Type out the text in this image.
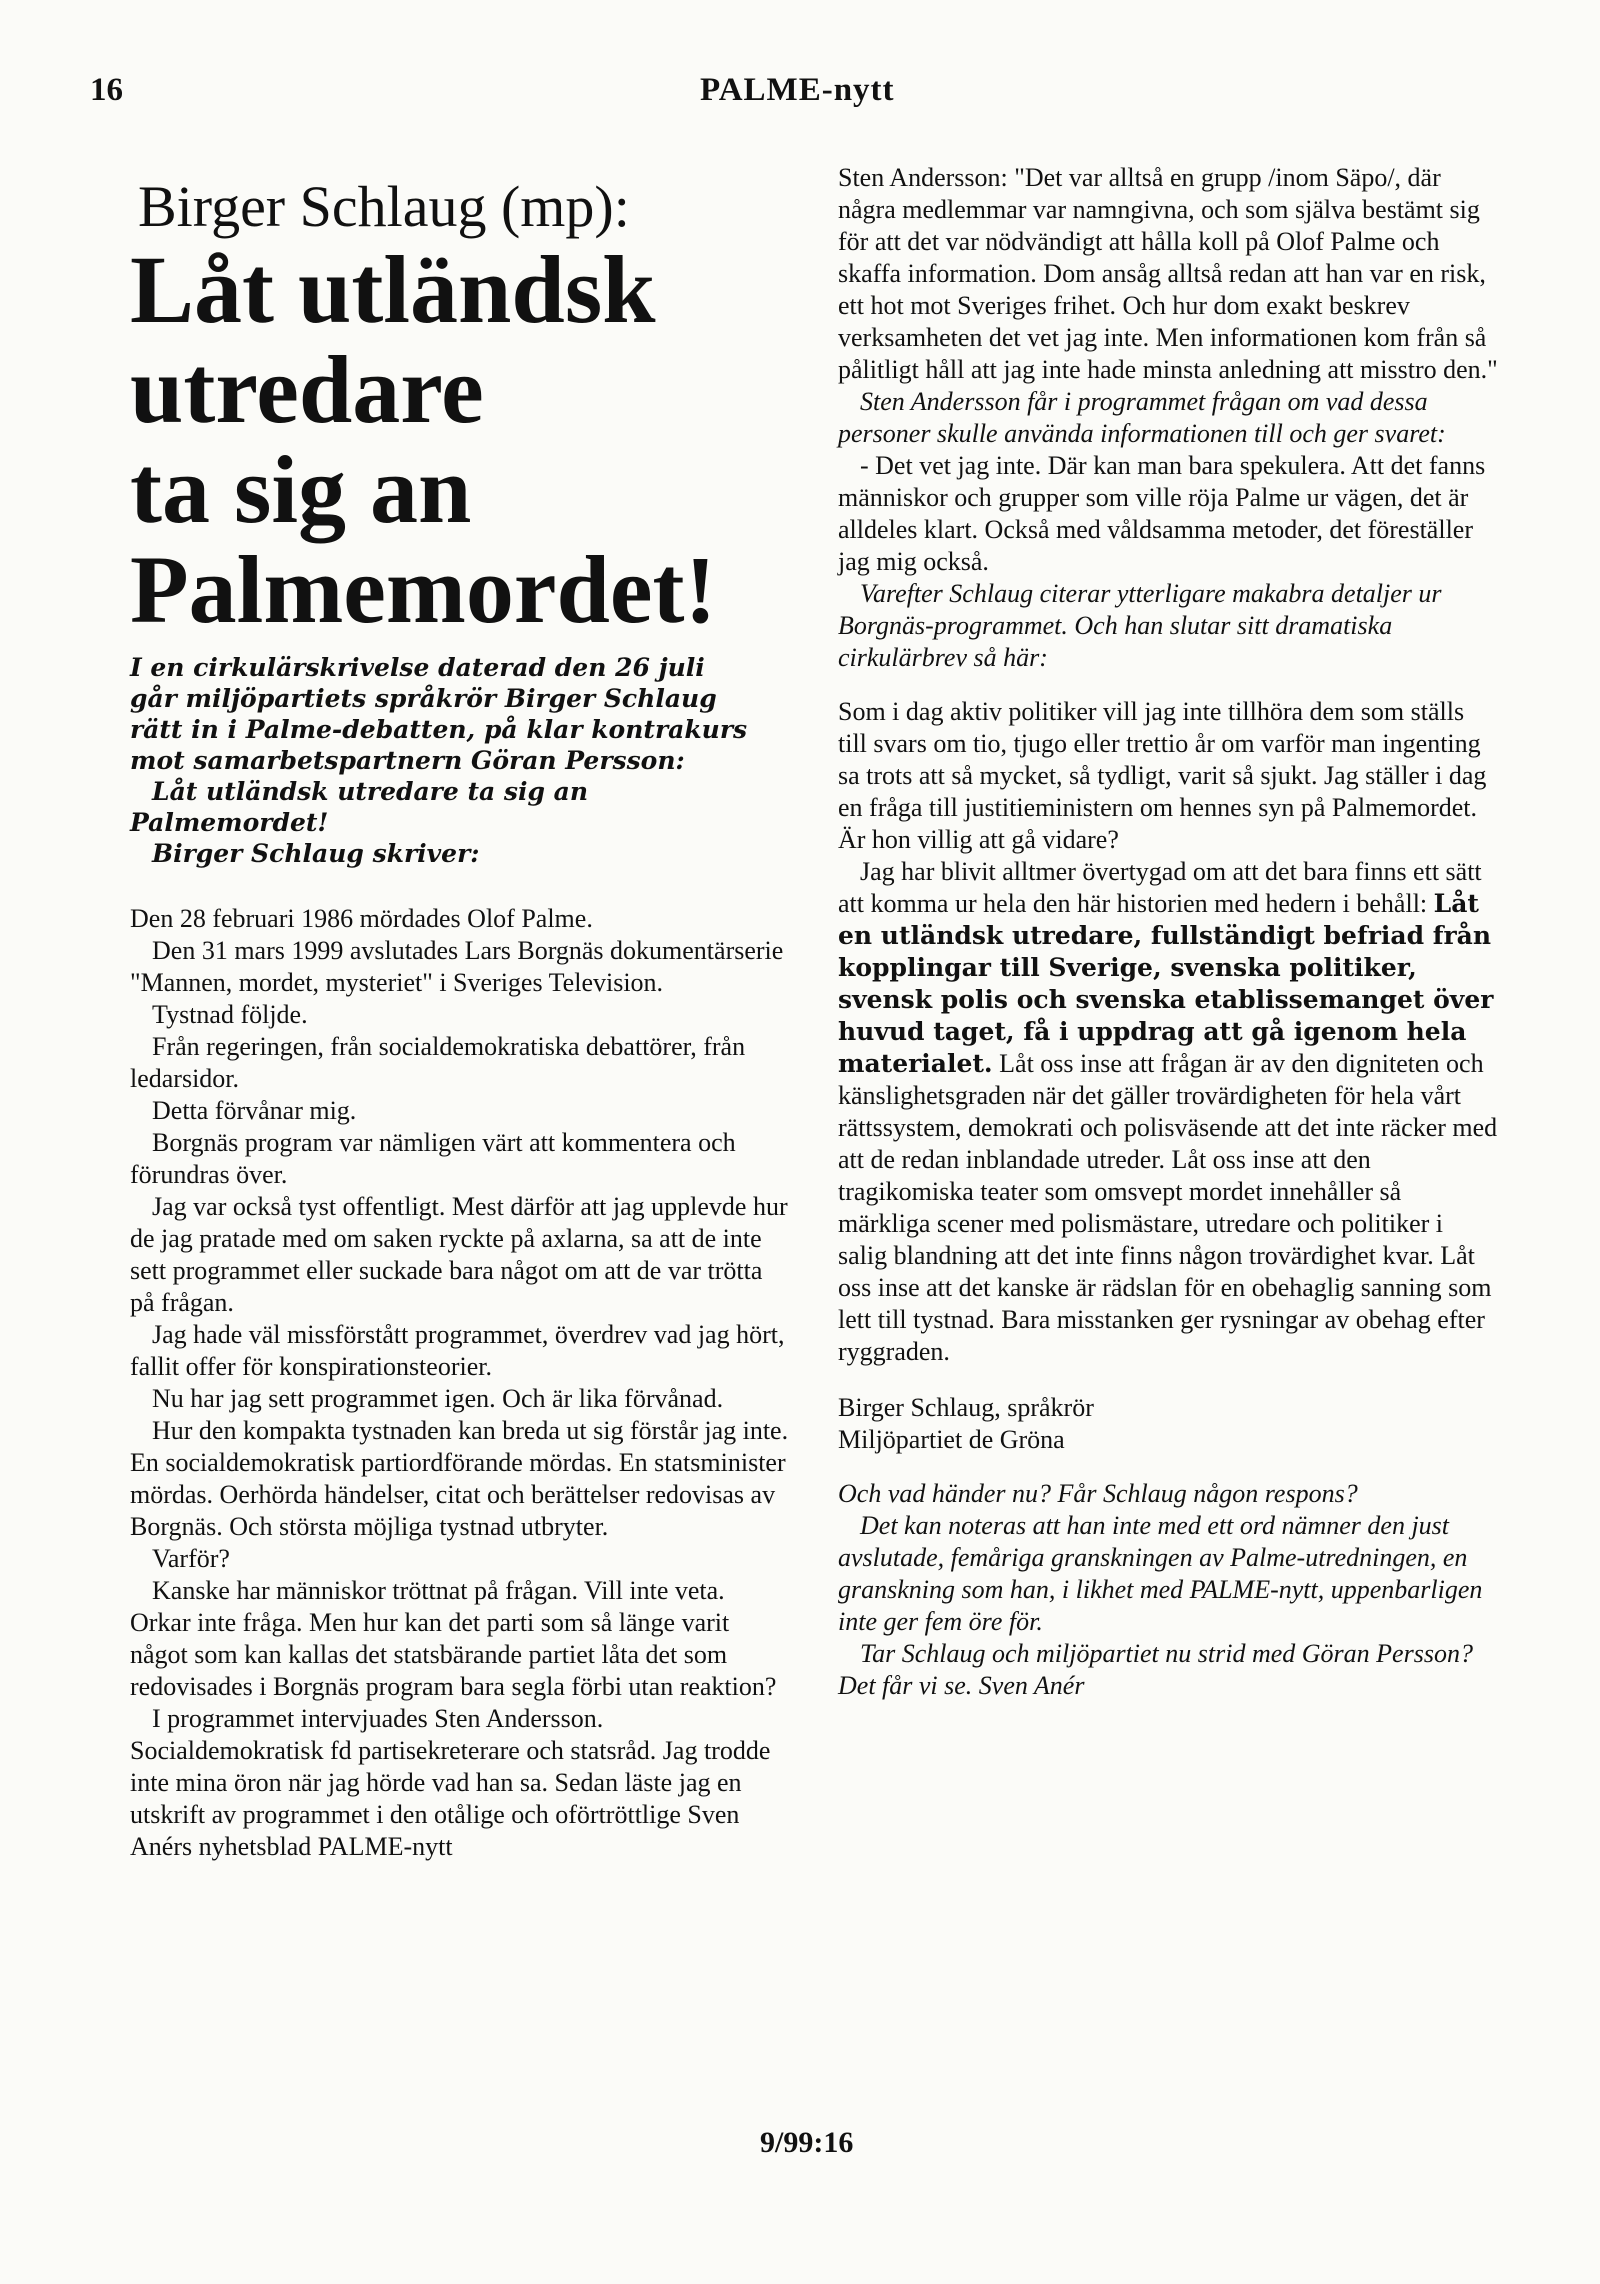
16	PALME-nytt
Birger Schlaug (mp):
Låt utländsk
utredare
ta sig an
Palmemordet!
I en cirkulärskrivelse daterad den 26 juli
går miljöpartiets språkrör Birger Schlaug
rätt in i Palme-debatten, på klar kontrakurs
mot samarbetspartnern Göran Persson:
Låt utländsk utredare ta sig an
Palmemordet!
Birger Schlaug skriver:

Den 28 februari 1986 mördades Olof Palme.

Den 31 mars 1999 avslutades Lars Borgnäs dokumentärserie "Mannen, mordet, mysteriet" i Sveriges Television.

Tystnad följde.

Från regeringen, från socialdemokratiska debattörer, från ledarsidor.

Detta förvånar mig.

Borgnäs program var nämligen värt att kommentera och förundras över.

Jag var också tyst offentligt. Mest därför att jag upplevde hur de jag pratade med om saken ryckte på axlarna, sa att de inte sett programmet eller suckade bara något om att de var trötta på frågan.

Jag hade väl missförstått programmet, överdrev vad jag hört, fallit offer för konspirationsteorier.

Nu har jag sett programmet igen. Och är lika förvånad.

Hur den kompakta tystnaden kan breda ut sig förstår jag inte. En socialdemokratisk partiordförande mördas. En statsminister mördas. Oerhörda händelser, citat och berättelser redovisas av Borgnäs. Och största möjliga tystnad utbryter.

Varför?

Kanske har människor tröttnat på frågan. Vill inte veta. Orkar inte fråga. Men hur kan det parti som så länge varit något som kan kallas det statsbärande partiet låta det som redovisades i Borgnäs program bara segla förbi utan reaktion?

I programmet intervjuades Sten Andersson. Socialdemokratisk fd partisekreterare och statsråd. Jag trodde inte mina öron när jag hörde vad han sa. Sedan läste jag en utskrift av programmet i den otålige och oförtröttlige Sven Anérs nyhetsblad PALME-nytt

Sten Andersson: "Det var alltså en grupp /inom Säpo/, där några medlemmar var namngivna, och som själva bestämt sig för att det var nödvändigt att hålla koll på Olof Palme och skaffa information. Dom ansåg alltså redan att han var en risk, ett hot mot Sveriges frihet. Och hur dom exakt beskrev verksamheten det vet jag inte. Men informationen kom från så pålitligt håll att jag inte hade minsta anledning att misstro den."

Sten Andersson får i programmet frågan om vad dessa personer skulle använda informationen till och ger svaret:

- Det vet jag inte. Där kan man bara spekulera. Att det fanns människor och grupper som ville röja Palme ur vägen, det är alldeles klart. Också med våldsamma metoder, det föreställer jag mig också.

Varefter Schlaug citerar ytterligare makabra detaljer ur Borgnäs-programmet. Och han slutar sitt dramatiska cirkulärbrev så här:

Som i dag aktiv politiker vill jag inte tillhöra dem som ställs till svars om tio, tjugo eller trettio år om varför man ingenting sa trots att så mycket, så tydligt, varit så sjukt. Jag ställer i dag en fråga till justitieministern om hennes syn på Palmemordet. Är hon villig att gå vidare?

Jag har blivit alltmer övertygad om att det bara finns ett sätt att komma ur hela den här historien med hedern i behåll: Låt en utländsk utredare, fullständigt befriad från kopplingar till Sverige, svenska politiker, svensk polis och svenska etablissemanget över huvud taget, få i uppdrag att gå igenom hela materialet. Låt oss inse att frågan är av den digniteten och känslighetsgraden när det gäller trovärdigheten för hela vårt rättssystem, demokrati och polisväsende att det inte räcker med att de redan inblandade utreder. Låt oss inse att den tragikomiska teater som omsvept mordet innehåller så märkliga scener med polismästare, utredare och politiker i salig blandning att det inte finns någon trovärdighet kvar. Låt oss inse att det kanske är rädslan för en obehaglig sanning som lett till tystnad. Bara misstanken ger rysningar av obehag efter ryggraden.

Birger Schlaug, språkrör
Miljöpartiet de Gröna

Och vad händer nu? Får Schlaug någon respons?

Det kan noteras att han inte med ett ord nämner den just avslutade, femåriga granskningen av Palme-utredningen, en granskning som han, i likhet med PALME-nytt, uppenbarligen inte ger fem öre för.

Tar Schlaug och miljöpartiet nu strid med Göran Persson? Det får vi se. Sven Anér

9/99:16
